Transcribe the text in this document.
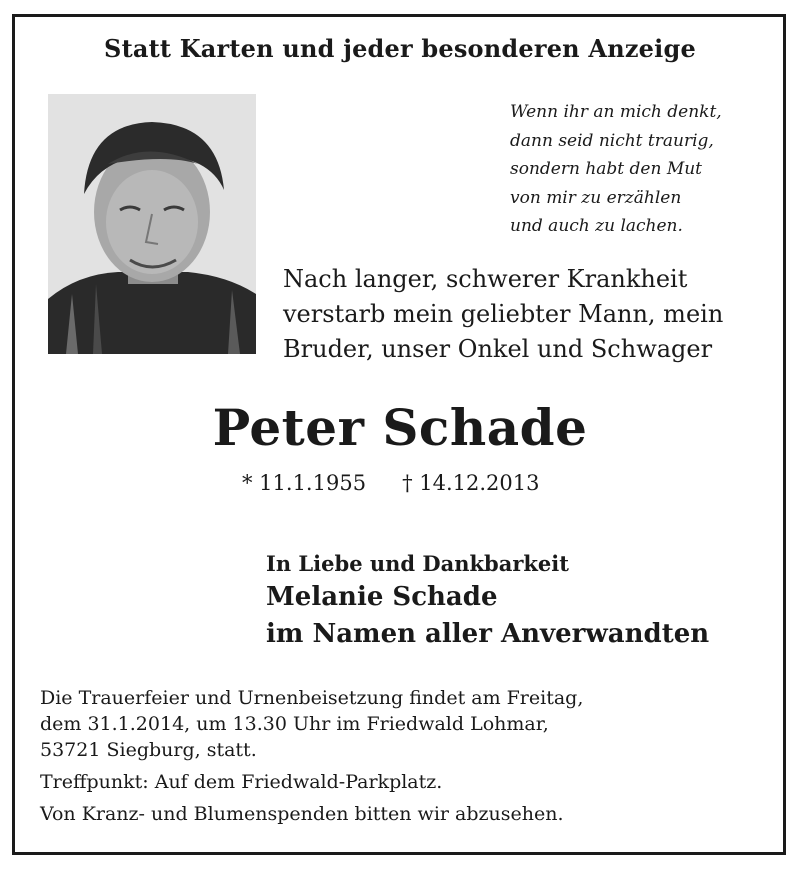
Statt Karten und jeder besonderen Anzeige
Wenn ihr an mich denkt,
dann seid nicht traurig,
sondern habt den Mut
von mir zu erzählen
und auch zu lachen.
Nach langer, schwerer Krankheit
verstarb mein geliebter Mann, mein
Bruder, unser Onkel und Schwager
Peter Schade
* 11.1.1955 † 14.12.2013
In Liebe und Dankbarkeit
Melanie Schade
im Namen aller Anverwandten
Die Trauerfeier und Urnenbeisetzung findet am Freitag,
dem 31.1.2014, um 13.30 Uhr im Friedwald Lohmar,
53721 Siegburg, statt.
Treffpunkt: Auf dem Friedwald-Parkplatz.
Von Kranz- und Blumenspenden bitten wir abzusehen.
